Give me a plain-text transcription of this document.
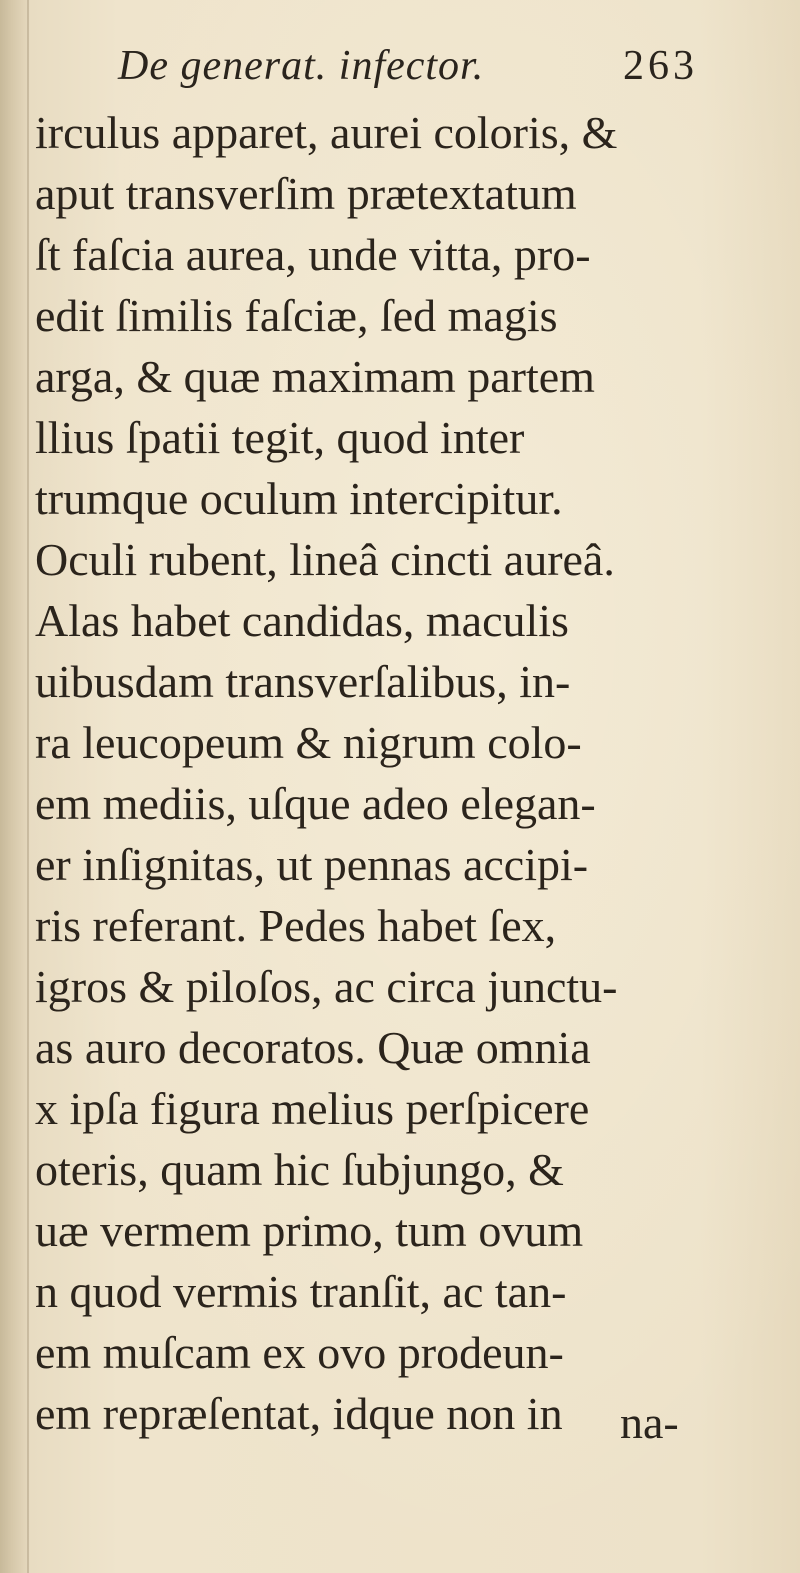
De generat. infector.	263
irculus apparet, aurei coloris, &
aput transverſim prætextatum
ſt faſcia aurea, unde vitta, pro-
edit ſimilis faſciæ, ſed magis
arga, & quæ maximam partem
llius ſpatii tegit, quod inter
trumque oculum intercipitur.
Oculi rubent, lineâ cincti aureâ.
Alas habet candidas, maculis
uibusdam transverſalibus, in-
ra leucopeum & nigrum colo-
em mediis, uſque adeo elegan-
er inſignitas, ut pennas accipi-
ris referant. Pedes habet ſex,
igros & piloſos, ac circa junctu-
as auro decoratos. Quæ omnia
x ipſa figura melius perſpicere
oteris, quam hic ſubjungo, &
uæ vermem primo, tum ovum
n quod vermis tranſit, ac tan-
em muſcam ex ovo prodeun-
em repræſentat, idque non in	na-
